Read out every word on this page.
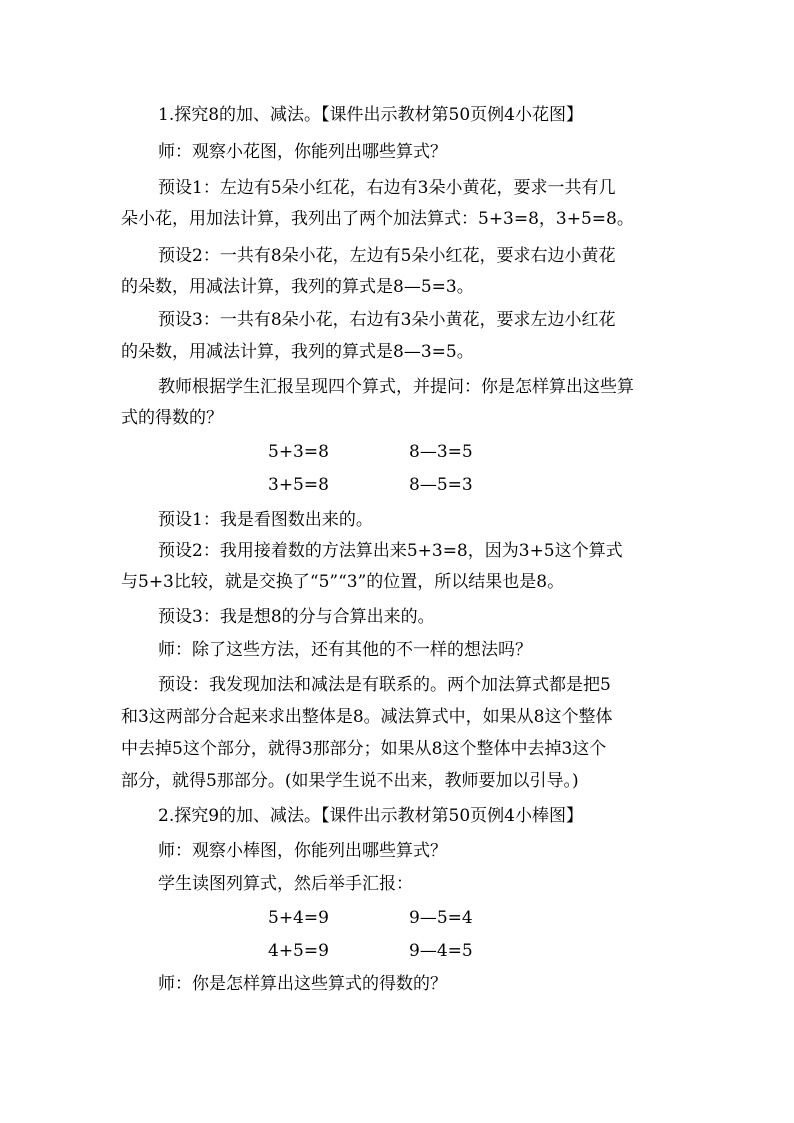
1.探究8的加、减法。【课件出示教材第50页例4小花图】
师：观察小花图，你能列出哪些算式？
预设1：左边有5朵小红花，右边有3朵小黄花，要求一共有几
朵小花，用加法计算，我列出了两个加法算式：5+3=8，3+5=8。
预设2：一共有8朵小花，左边有5朵小红花，要求右边小黄花
的朵数，用减法计算，我列的算式是8—5=3。
预设3：一共有8朵小花，右边有3朵小黄花，要求左边小红花
的朵数，用减法计算，我列的算式是8—3=5。
教师根据学生汇报呈现四个算式，并提问：你是怎样算出这些算
式的得数的？
5+3=8	8—3=5
3+5=8	8—5=3
预设1：我是看图数出来的。
预设2：我用接着数的方法算出来5+3=8，因为3+5这个算式
与5+3比较，就是交换了“5”“3”的位置，所以结果也是8。
预设3：我是想8的分与合算出来的。
师：除了这些方法，还有其他的不一样的想法吗？
预设：我发现加法和减法是有联系的。两个加法算式都是把5
和3这两部分合起来求出整体是8。减法算式中，如果从8这个整体
中去掉5这个部分，就得3那部分；如果从8这个整体中去掉3这个
部分，就得5那部分。(如果学生说不出来，教师要加以引导。)
2.探究9的加、减法。【课件出示教材第50页例4小棒图】
师：观察小棒图，你能列出哪些算式？
学生读图列算式，然后举手汇报：
5+4=9	9—5=4
4+5=9	9—4=5
师：你是怎样算出这些算式的得数的？
